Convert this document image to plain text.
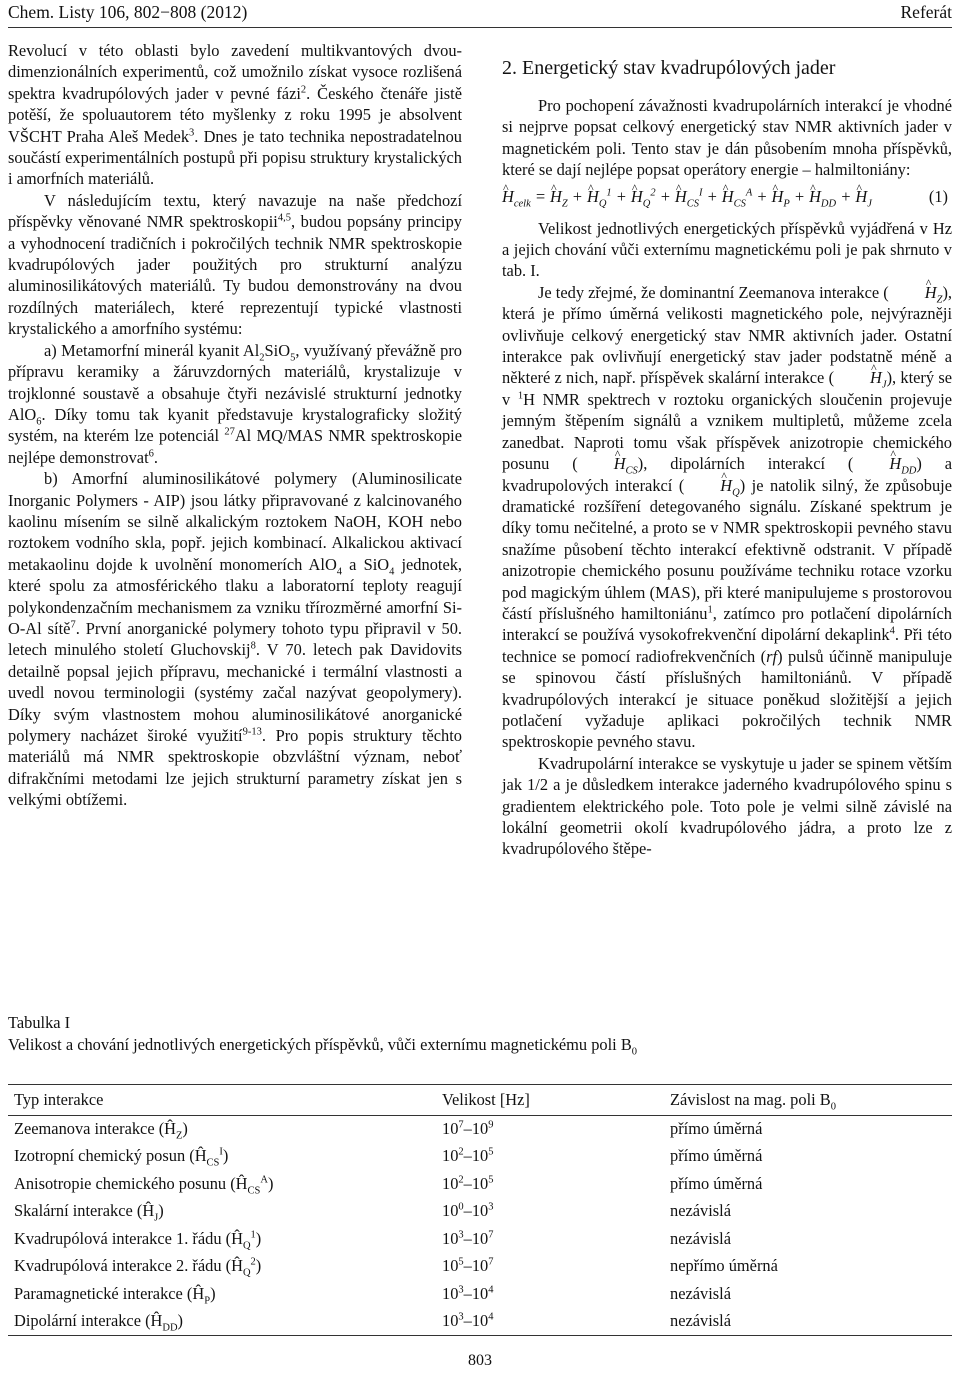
Chem. Listy 106, 802−808 (2012)	Referát

Revolucí v této oblasti bylo zavedení multikvantových dvou-dimenzionálních experimentů, což umožnilo získat vysoce rozlišená spektra kvadrupólových jader v pevné fázi$^2$. Českého čtenáře jistě potěší, že spoluautorem této myšlenky z roku 1995 je absolvent VŠCHT Praha Aleš Medek$^3$. Dnes je tato technika nepostradatelnou součástí experimentálních postupů při popisu struktury krystalických i amorfních materiálů.

V následujícím textu, který navazuje na naše předchozí příspěvky věnované NMR spektroskopii$^{4,5}$, budou popsány principy a vyhodnocení tradičních i pokročilých technik NMR spektroskopie kvadrupólových jader použitých pro strukturní analýzu aluminosilikátových materiálů. Ty budou demonstrovány na dvou rozdílných materiálech, které reprezentují typické vlastnosti krystalického a amorfního systému:

a) Metamorfní minerál kyanit $Al_2SiO_5$, využívaný převážně pro přípravu keramiky a žáruvzdorných materiálů, krystalizuje v trojklonné soustavě a obsahuje čtyři nezávislé strukturní jednotky AlO$_6$. Díky tomu tak kyanit představuje krystalograficky složitý systém, na kterém lze potenciál $^{27}$Al MQ/MAS NMR spektroskopie nejlépe demonstrovat$^6$.

b) Amorfní aluminosilikátové polymery (Aluminosilicate Inorganic Polymers - AIP) jsou látky připravované z kalcinovaného kaolinu mísením se silně alkalickým roztokem NaOH, KOH nebo roztokem vodního skla, popř. jejich kombinací. Alkalickou aktivací metakaolinu dojde k uvolnění monomerích AlO$_4$ a SiO$_4$ jednotek, které spolu za atmosférického tlaku a laboratorní teploty reagují polykondenzačním mechanismem za vzniku třírozměrné amorfní Si-O-Al sítě$^7$. První anorganické polymery tohoto typu připravil v 50. letech minulého století Gluchovskij$^8$. V 70. letech pak Davidovits detailně popsal jejich přípravu, mechanické i termální vlastnosti a uvedl novou terminologii (systémy začal nazývat geopolymery). Díky svým vlastnostem mohou aluminosilikátové anorganické polymery nacházet široké využití$^{9-13}$. Pro popis struktury těchto materiálů má NMR spektroskopie obzvláštní význam, neboť difrakčními metodami lze jejich strukturní parametry získat jen s velkými obtížemi.

2. Energetický stav kvadrupólových jader

Pro pochopení závažnosti kvadrupolárních interakcí je vhodné si nejprve popsat celkový energetický stav NMR aktivních jader v magnetickém poli. Tento stav je dán působením mnoha příspěvků, které se dají nejlépe popsat operátory energie – halmiltoniány:

^ $H_{celk}$ = ^ $H_Z$ + ^ $H_Q^1$ + ^ $H_Q^2$ + ^ $H_{CS}^I$ + ^ $H_{CS}^A$ + ^ $H_P$ + ^ $H_{DD}$ + ^ $H_J$	(1)

Velikost jednotlivých energetických příspěvků vyjádřená v Hz a jejich chování vůči externímu magnetickému poli je pak shrnuto v tab. I.

Je tedy zřejmé, že dominantní Zeemanova interakce ( ^ $H_Z$), která je přímo úměrná velikosti magnetického pole, nejvýrazněji ovlivňuje celkový energetický stav NMR aktivních jader. Ostatní interakce pak ovlivňují energetický stav jader podstatně méně a některé z nich, např. příspěvek skalární interakce ( ^ $H_J$), který se v $^1$H NMR spektrech v roztoku organických sloučenin projevuje jemným štěpením signálů a vznikem multipletů, můžeme zcela zanedbat. Naproti tomu však příspěvek anizotropie chemického posunu ( ^ $H_{CS}$), dipolárních interakcí ( ^ $H_{DD}$) a kvadrupolových interakcí ( ^ $H_Q$) je natolik silný, že způsobuje dramatické rozšíření detegovaného signálu. Získané spektrum je díky tomu nečitelné, a proto se v NMR spektroskopii pevného stavu snažíme působení těchto interakcí efektivně odstranit. V případě anizotropie chemického posunu používáme techniku rotace vzorku pod magickým úhlem (MAS), při které manipulujeme s prostorovou částí příslušného hamiltoniánu$^1$, zatímco pro potlačení dipolárních interakcí se používá vysokofrekvenční dipolární dekaplink$^4$. Při této technice se pomocí radiofrekvenčních (rf) pulsů účinně manipuluje se spinovou částí příslušných hamiltoniánů. V případě kvadrupólových interakcí je situace poněkud složitější a jejich potlačení vyžaduje aplikaci pokročilých technik NMR spektroskopie pevného stavu.

Kvadrupolární interakce se vyskytuje u jader se spinem větším jak 1/2 a je důsledkem interakce jaderného kvadrupólového spinu s gradientem elektrického pole. Toto pole je velmi silně závislé na lokální geometrii okolí kvadrupólového jádra, a proto lze z kvadrupólového štěpe-

Tabulka I
Velikost a chování jednotlivých energetických příspěvků, vůči externímu magnetickému poli $B_0$
Typ interakce	Velikost [Hz]	Závislost na mag. poli $B_0$
Zeemanova interakce $(Ĥ_Z)$	$10^7-10^9$	přímo úměrná
Izotropní chemický posun $(Ĥ_{CS}^I)$	$10^2-10^5$	přímo úměrná
Anisotropie chemického posunu $(Ĥ_{CS}^A)$	$10^2-10^5$	přímo úměrná
Skalární interakce $(Ĥ_J)$	$10^0-10^3$	nezávislá
Kvadrupólová interakce 1. řádu $(Ĥ_Q^1)$	$10^3-10^7$	nezávislá
Kvadrupólová interakce 2. řádu $(Ĥ_Q^2)$	$10^5-10^7$	nepřímo úměrná
Paramagnetické interakce $(Ĥ_P)$	$10^3-10^4$	nezávislá
Dipolární interakce $(Ĥ_{DD})$	$10^3-10^4$	nezávislá
803
